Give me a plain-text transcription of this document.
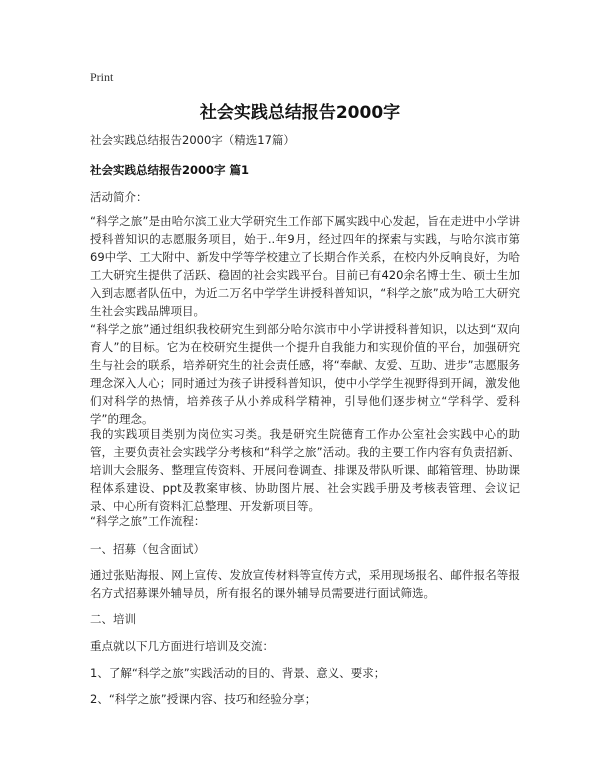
Print
社会实践总结报告2000字

社会实践总结报告2000字（精选17篇）

社会实践总结报告2000字 篇1

活动简介：

“科学之旅”是由哈尔滨工业大学研究生工作部下属实践中心发起，旨在走进中小学讲授科普知识的志愿服务项目，始于..年9月，经过四年的探索与实践，与哈尔滨市第69中学、工大附中、新发中学等学校建立了长期合作关系，在校内外反响良好，为哈工大研究生提供了活跃、稳固的社会实践平台。目前已有420余名博士生、硕士生加入到志愿者队伍中，为近二万名中学学生讲授科普知识，“科学之旅”成为哈工大研究生社会实践品牌项目。

“科学之旅”通过组织我校研究生到部分哈尔滨市中小学讲授科普知识，以达到“双向育人”的目标。它为在校研究生提供一个提升自我能力和实现价值的平台，加强研究生与社会的联系，培养研究生的社会责任感，将“奉献、友爱、互助、进步”志愿服务理念深入人心；同时通过为孩子讲授科普知识，使中小学学生视野得到开阔，激发他们对科学的热情，培养孩子从小养成科学精神，引导他们逐步树立“学科学、爱科学”的理念。

我的实践项目类别为岗位实习类。我是研究生院德育工作办公室社会实践中心的助管，主要负责社会实践学分考核和“科学之旅”活动。我的主要工作内容有负责招新、培训大会服务、整理宣传资料、开展问卷调查、排课及带队听课、邮箱管理、协助课程体系建设、ppt及教案审核、协助图片展、社会实践手册及考核表管理、会议记录、中心所有资料汇总整理、开发新项目等。

“科学之旅”工作流程：

一、招募（包含面试）

通过张贴海报、网上宣传、发放宣传材料等宣传方式，采用现场报名、邮件报名等报名方式招募课外辅导员，所有报名的课外辅导员需要进行面试筛选。

二、培训

重点就以下几方面进行培训及交流：

1、了解“科学之旅”实践活动的目的、背景、意义、要求；

2、“科学之旅”授课内容、技巧和经验分享；
